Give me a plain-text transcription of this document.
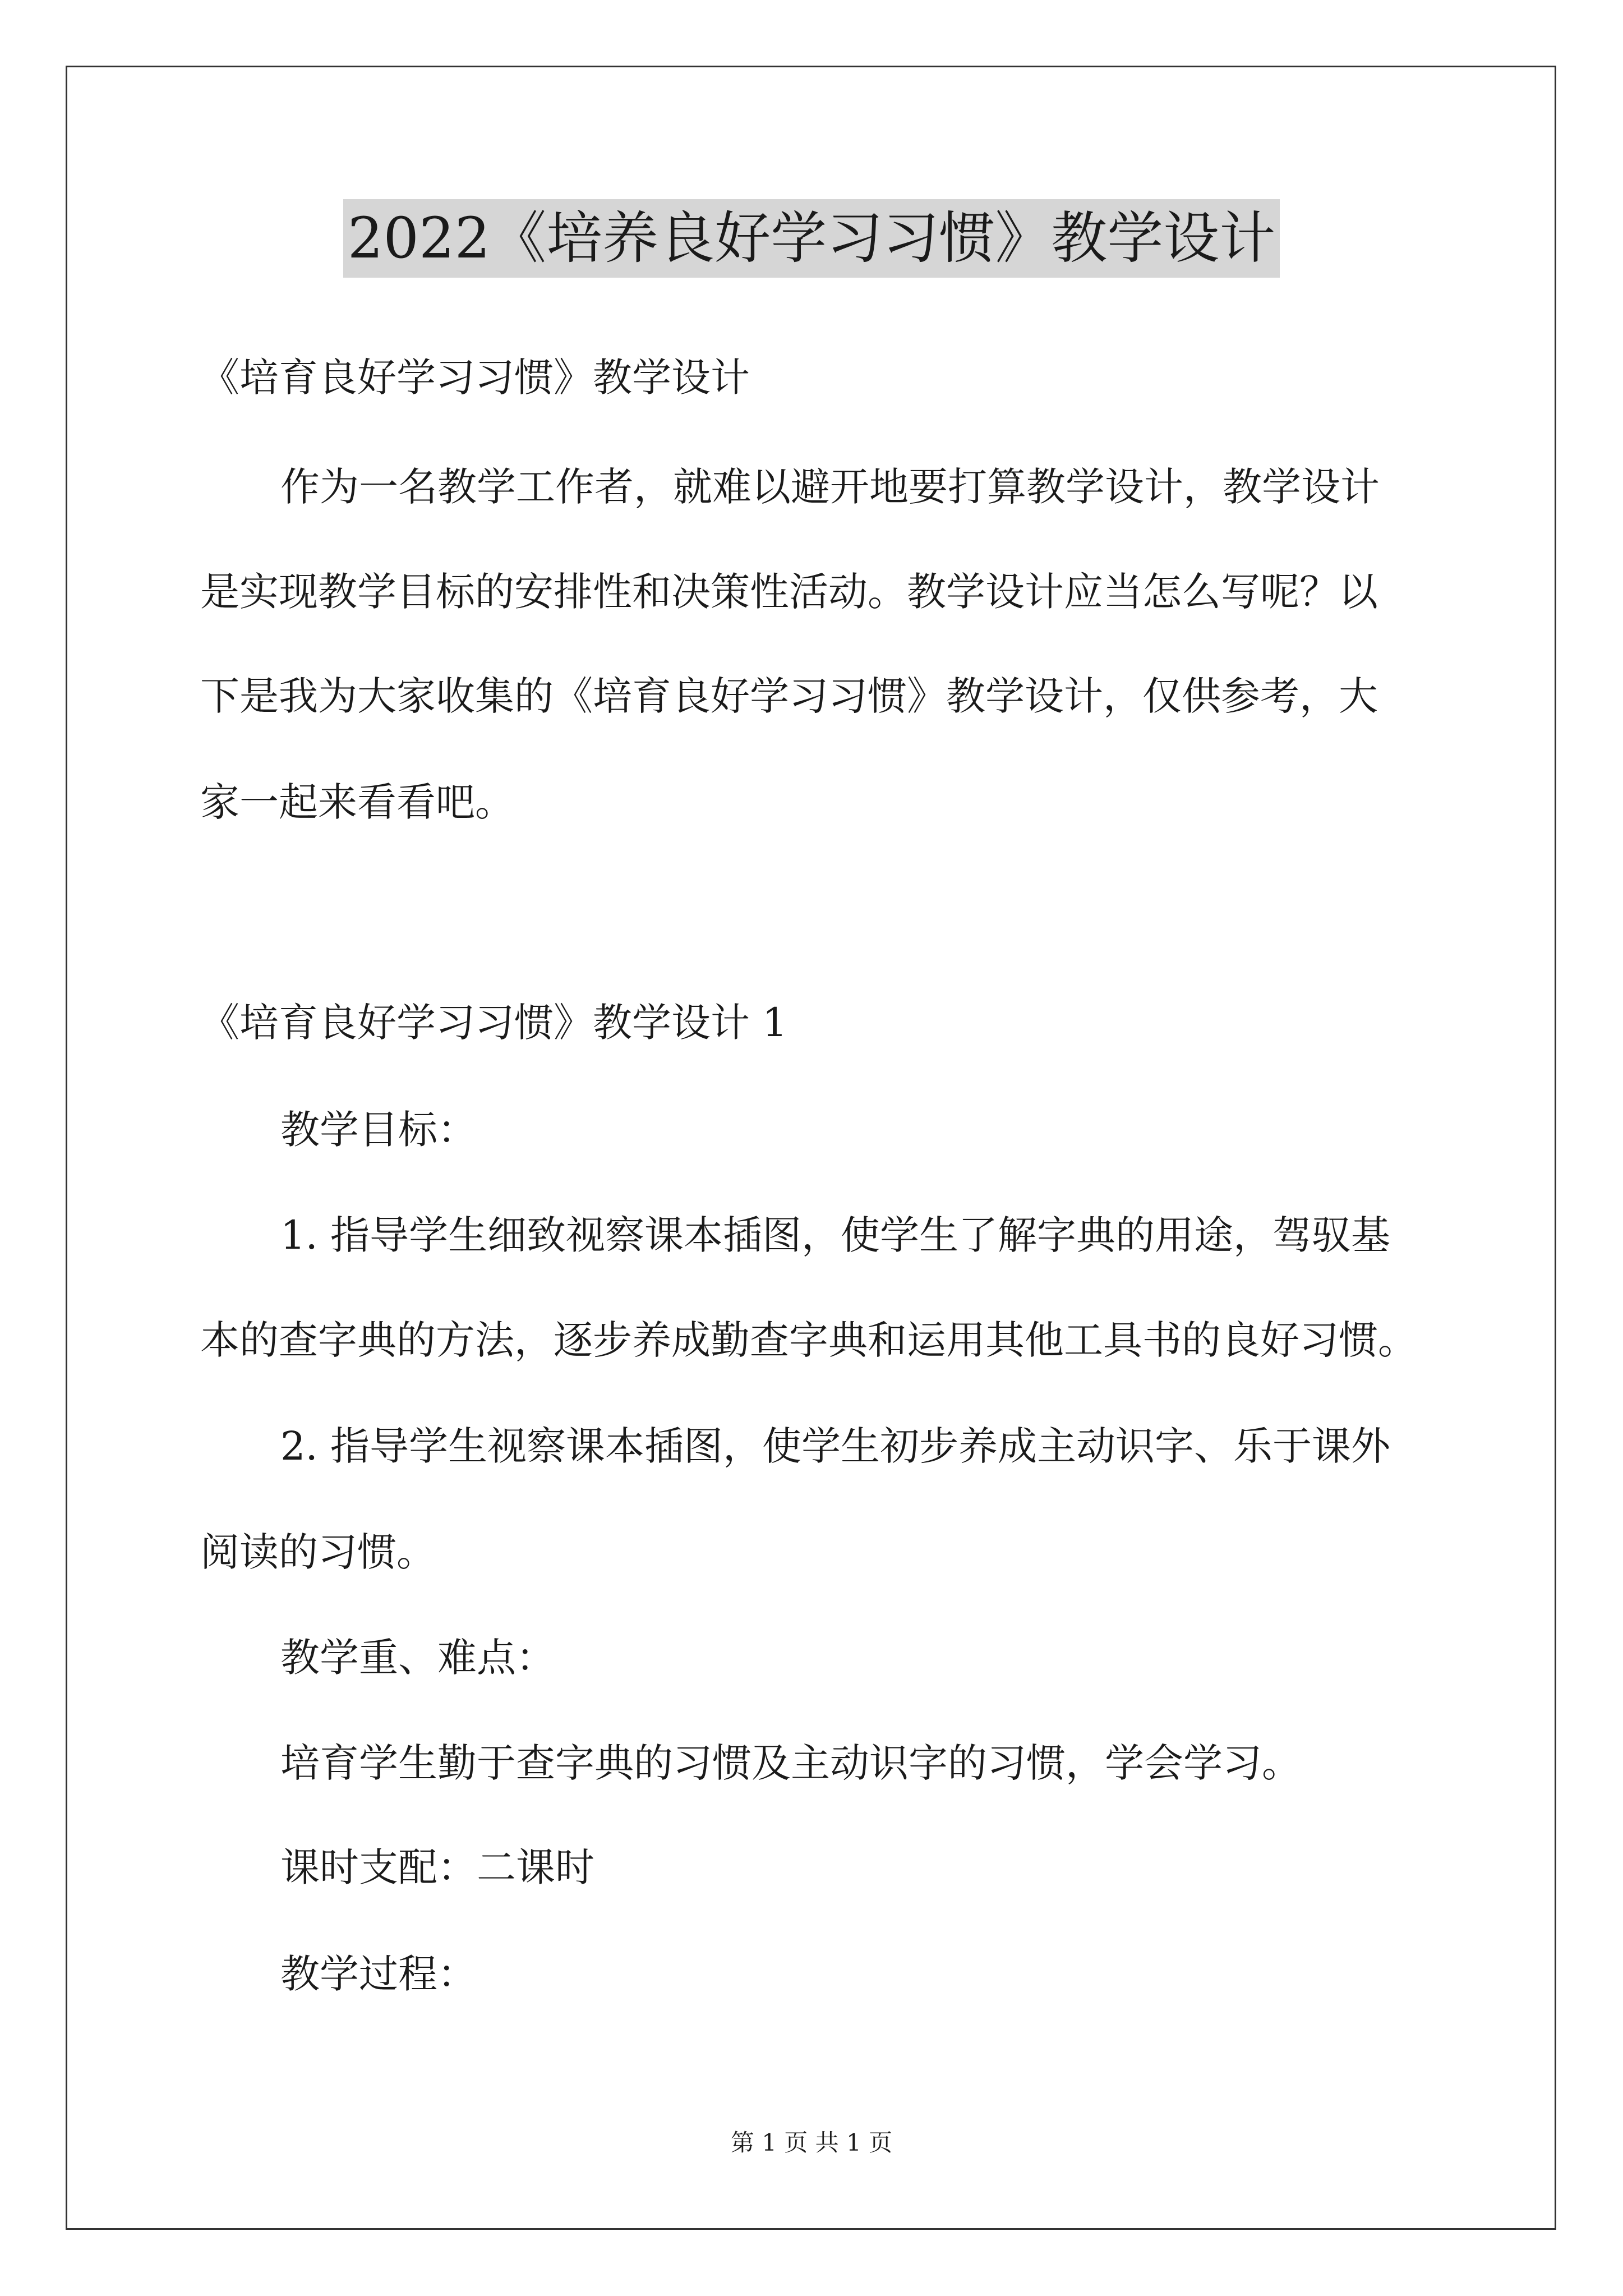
2022《培养良好学习习惯》教学设计
《培育良好学习习惯》教学设计
作为一名教学工作者，就难以避开地要打算教学设计，教学设计
是实现教学目标的安排性和决策性活动。教学设计应当怎么写呢？以
下是我为大家收集的《培育良好学习习惯》教学设计，仅供参考，大
家一起来看看吧。
《培育良好学习习惯》教学设计 1
教学目标：
1. 指导学生细致视察课本插图，使学生了解字典的用途，驾驭基
本的查字典的方法，逐步养成勤查字典和运用其他工具书的良好习惯。
2. 指导学生视察课本插图，使学生初步养成主动识字、乐于课外
阅读的习惯。
教学重、难点：
培育学生勤于查字典的习惯及主动识字的习惯，学会学习。
课时支配：二课时
教学过程：
第 1 页 共 1 页
